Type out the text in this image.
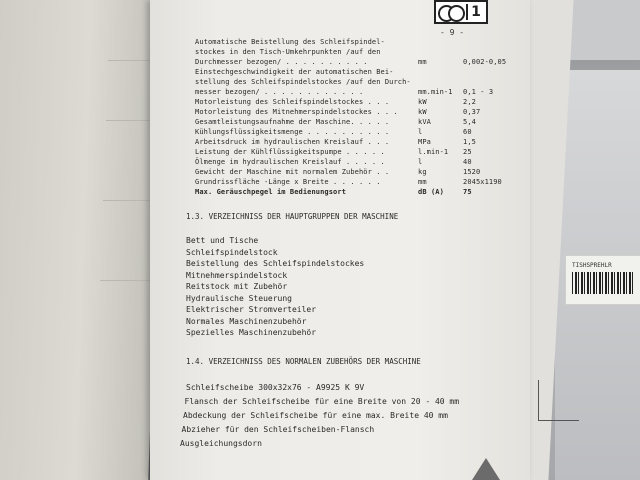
TISHSPREHLR
1
- 9 -
Automatische Beistellung des Schleifspindel-
stockes in den Tisch-Umkehrpunkten /auf den
Durchmesser bezogen/ . . . . . . . . . .	mm	0,002-0,05
Einstechgeschwindigkeit der automatischen Bei-
stellung des Schleifspindelstockes /auf den Durch-
messer bezogen/ . . . . . . . . . . . .	mm.min-1 0,1 - 3
Motorleistung des Schleifspindelstockes . . .	kW	2,2
Motorleistung des Mitnehmerspindelstockes . . .	kW	0,37
Gesamtleistungsaufnahme der Maschine. . . . .	kVA	5,4
Kühlungsflüssigkeitsmenge . . . . . . . . . .	l	60
Arbeitsdruck im hydraulischen Kreislauf . . .	MPa	1,5
Leistung der Kühlflüssigkeitspumpe . . . . .	l.min-1 25
Ölmenge im hydraulischen Kreislauf . . . . .	l	40
Gewicht der Maschine mit normalem Zubehör . .	kg	1520
Grundrissfläche -Länge x Breite . . . . . .	mm	2045x1190
Max. Geräuschpegel im Bedienungsort	dB (A)	75
1.3. VERZEICHNISS DER HAUPTGRUPPEN DER MASCHINE
Bett und Tische
Schleifspindelstock
Beistellung des Schleifspindelstockes
Mitnehmerspindelstock
Reitstock mit Zubehör
Hydraulische Steuerung
Elektrischer Stromverteiler
Normales Maschinenzubehör
Spezielles Maschinenzubehör
1.4. VERZEICHNISS DES NORMALEN ZUBEHÖRS DER MASCHINE
Schleifscheibe 300x32x76 - A9925 K 9V
Flansch der Schleifscheibe für eine Breite von 20 - 40 mm
Abdeckung der Schleifscheibe für eine max. Breite 40 mm
Abzieher für den Schleifscheiben-Flansch
Ausgleichungsdorn
